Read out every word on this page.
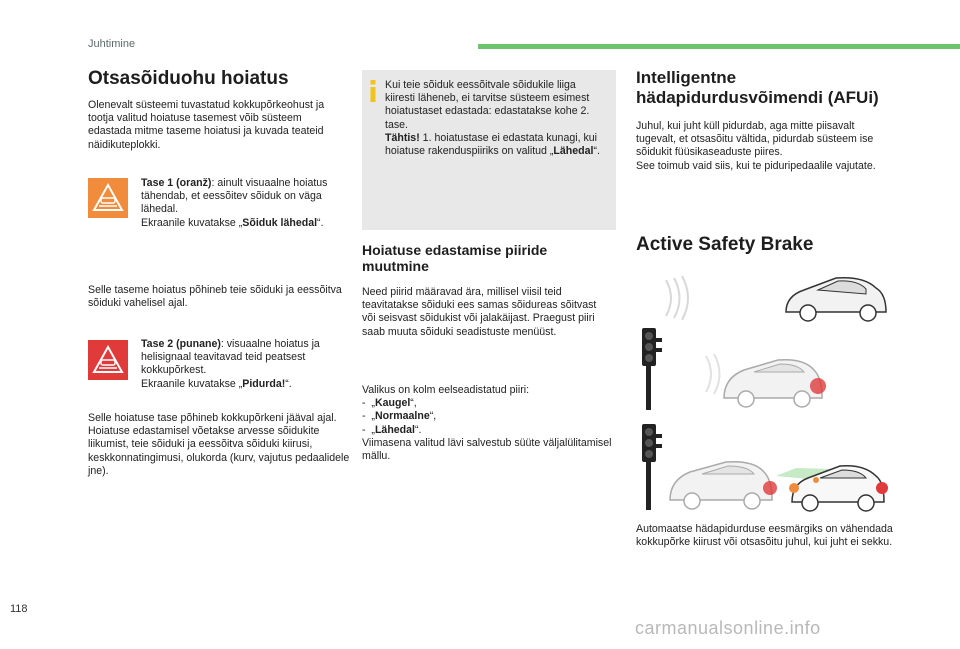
Juhtimine
Otsasõiduohu hoiatus
Olenevalt süsteemi tuvastatud kokkupõrkeohust ja tootja valitud hoiatuse tasemest võib süsteem edastada mitme taseme hoiatusi ja kuvada teateid näidikuteplokki.
Tase 1 (oranž): ainult visuaalne hoiatus tähendab, et eessõitev sõiduk on väga lähedal.
Ekraanile kuvatakse „Sõiduk lähedal“.
Selle taseme hoiatus põhineb teie sõiduki ja eessõitva sõiduki vahelisel ajal.
Tase 2 (punane): visuaalne hoiatus ja helisignaal teavitavad teid peatsest kokkupõrkest.
Ekraanile kuvatakse „Pidurda!“.
Selle hoiatuse tase põhineb kokkupõrkeni jääval ajal. Hoiatuse edastamisel võetakse arvesse sõidukite liikumist, teie sõiduki ja eessõitva sõiduki kiirusi, keskkonnatingimusi, olukorda (kurv, vajutus pedaalidele jne).
Kui teie sõiduk eessõitvale sõidukile liiga kiiresti läheneb, ei tarvitse süsteem esimest hoiatustaset edastada: edastatakse kohe 2. tase.
Tähtis! 1. hoiatustase ei edastata kunagi, kui hoiatuse rakenduspiiriks on valitud „Lähedal“.
Hoiatuse edastamise piiride muutmine
Need piirid määravad ära, millisel viisil teid teavitatakse sõiduki ees samas sõidureas sõitvast või seisvast sõidukist või jalakäijast. Praegust piiri saab muuta sõiduki seadistuste menüüst.
Valikus on kolm eelseadistatud piiri:
-  „Kaugel“,
-  „Normaalne“,
-  „Lähedal“.
Viimasena valitud lävi salvestub süüte väljalülitamisel mällu.
Intelligentne
hädapidurdusvõimendi (AFUi)
Juhul, kui juht küll pidurdab, aga mitte piisavalt tugevalt, et otsasõitu vältida, pidurdab süsteem ise sõidukit füüsikaseaduste piires.
See toimub vaid siis, kui te piduripedaalile vajutate.
Active Safety Brake
Automaatse hädapidurduse eesmärgiks on vähendada kokkupõrke kiirust või otsasõitu juhul, kui juht ei sekku.
118
carmanualsonline.info
